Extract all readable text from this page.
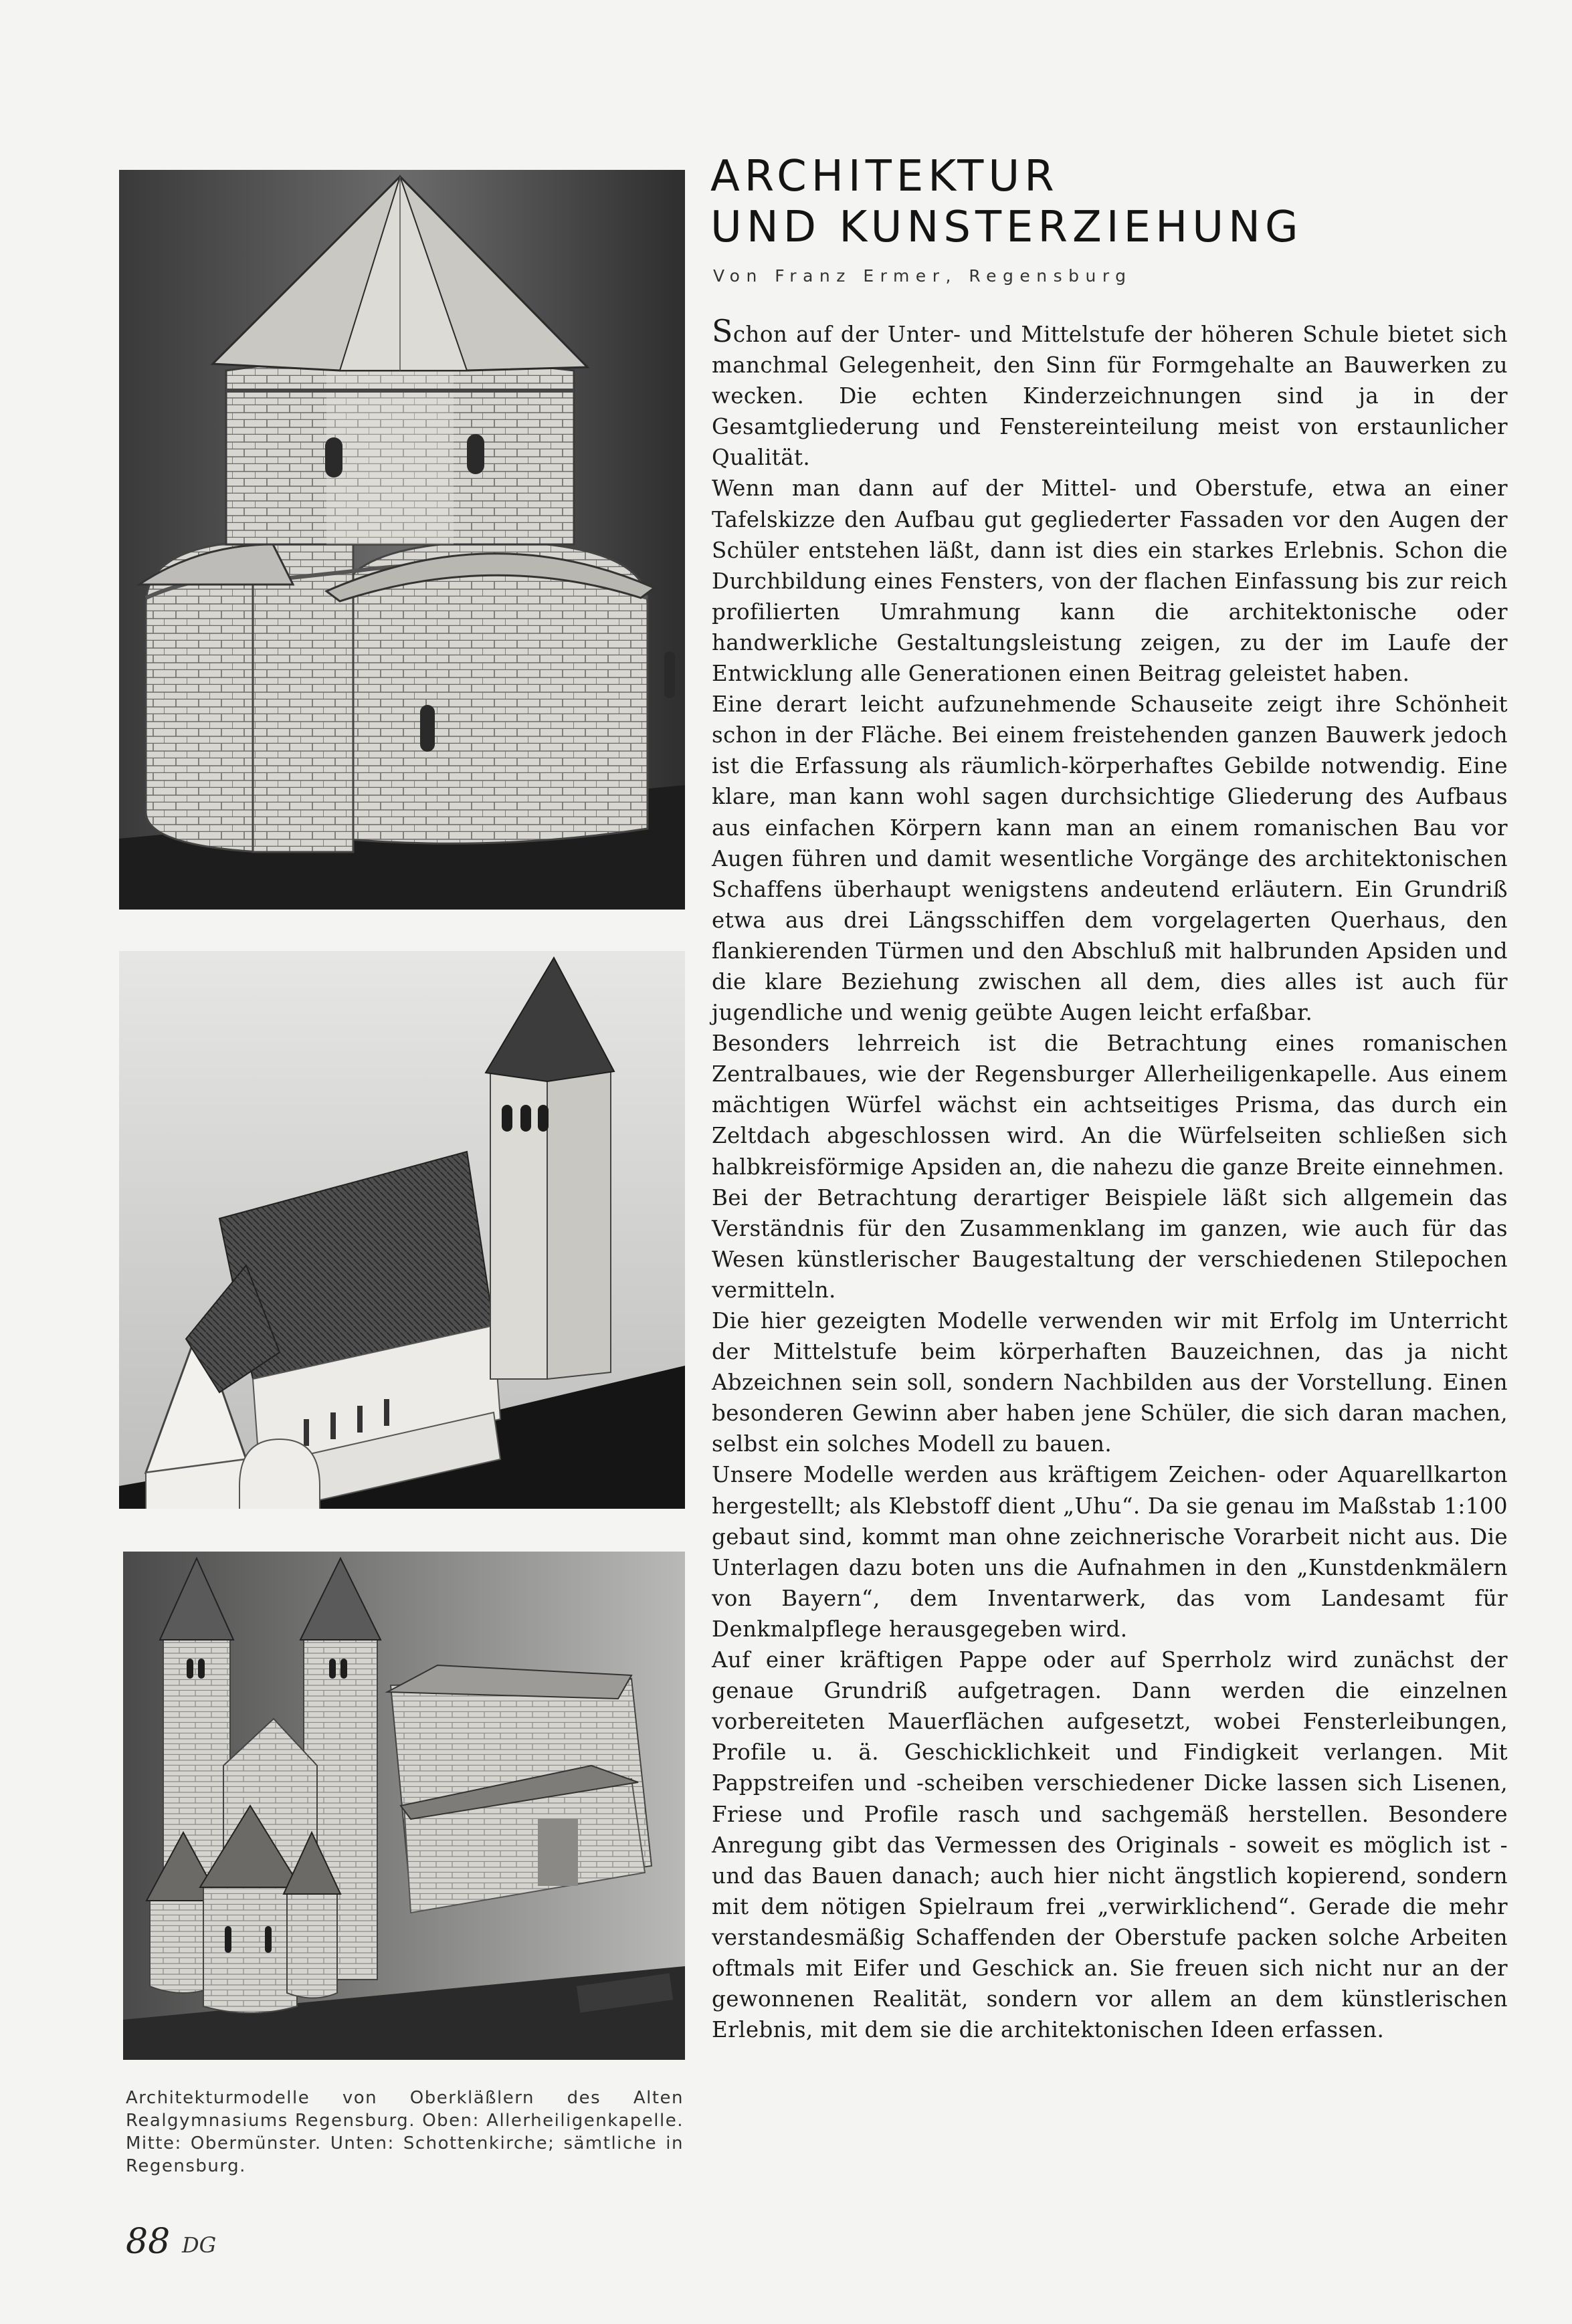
Architekturmodelle von Oberkläßlern des Alten Realgymnasiums Regensburg. Oben: Allerheiligenkapelle. Mitte: Obermünster. Unten: Schottenkirche; sämtliche in Regensburg.
ARCHITEKTUR
UND KUNSTERZIEHUNG
Von Franz Ermer, Regensburg

Schon auf der Unter- und Mittelstufe der höheren Schule bietet sich manchmal Gelegenheit, den Sinn für Formgehalte an Bauwerken zu wecken. Die echten Kinderzeichnungen sind ja in der Gesamtgliederung und Fenstereinteilung meist von erstaunlicher Qualität.

Wenn man dann auf der Mittel- und Oberstufe, etwa an einer Tafelskizze den Aufbau gut gegliederter Fassaden vor den Augen der Schüler entstehen läßt, dann ist dies ein starkes Erlebnis. Schon die Durchbildung eines Fensters, von der flachen Einfassung bis zur reich profilierten Umrahmung kann die architektonische oder handwerkliche Gestaltungsleistung zeigen, zu der im Laufe der Entwicklung alle Generationen einen Beitrag geleistet haben.

Eine derart leicht aufzunehmende Schauseite zeigt ihre Schönheit schon in der Fläche. Bei einem freistehenden ganzen Bauwerk jedoch ist die Erfassung als räumlich-körperhaftes Gebilde notwendig. Eine klare, man kann wohl sagen durchsichtige Gliederung des Aufbaus aus einfachen Körpern kann man an einem romanischen Bau vor Augen führen und damit wesentliche Vorgänge des architektonischen Schaffens überhaupt wenigstens andeutend erläutern. Ein Grundriß etwa aus drei Längsschiffen dem vorgelagerten Querhaus, den flankierenden Türmen und den Abschluß mit halbrunden Apsiden und die klare Beziehung zwischen all dem, dies alles ist auch für jugendliche und wenig geübte Augen leicht erfaßbar.

Besonders lehrreich ist die Betrachtung eines romanischen Zentralbaues, wie der Regensburger Allerheiligenkapelle. Aus einem mächtigen Würfel wächst ein achtseitiges Prisma, das durch ein Zeltdach abgeschlossen wird. An die Würfelseiten schließen sich halbkreisförmige Apsiden an, die nahezu die ganze Breite einnehmen.

Bei der Betrachtung derartiger Beispiele läßt sich allgemein das Verständnis für den Zusammenklang im ganzen, wie auch für das Wesen künstlerischer Baugestaltung der verschiedenen Stilepochen vermitteln.

Die hier gezeigten Modelle verwenden wir mit Erfolg im Unterricht der Mittelstufe beim körperhaften Bauzeichnen, das ja nicht Abzeichnen sein soll, sondern Nachbilden aus der Vorstellung. Einen besonderen Gewinn aber haben jene Schüler, die sich daran machen, selbst ein solches Modell zu bauen.

Unsere Modelle werden aus kräftigem Zeichen- oder Aquarellkarton hergestellt; als Klebstoff dient „Uhu“. Da sie genau im Maßstab 1:100 gebaut sind, kommt man ohne zeichnerische Vorarbeit nicht aus. Die Unterlagen dazu boten uns die Aufnahmen in den „Kunstdenkmälern von Bayern“, dem Inventarwerk, das vom Landesamt für Denkmalpflege herausgegeben wird.

Auf einer kräftigen Pappe oder auf Sperrholz wird zunächst der genaue Grundriß aufgetragen. Dann werden die einzelnen vorbereiteten Mauerflächen aufgesetzt, wobei Fensterleibungen, Profile u. ä. Geschicklichkeit und Findigkeit verlangen. Mit Pappstreifen und -scheiben verschiedener Dicke lassen sich Lisenen, Friese und Profile rasch und sachgemäß herstellen. Besondere Anregung gibt das Vermessen des Originals - soweit es möglich ist - und das Bauen danach; auch hier nicht ängstlich kopierend, sondern mit dem nötigen Spielraum frei „verwirklichend“. Gerade die mehr verstandesmäßig Schaffenden der Oberstufe packen solche Arbeiten oftmals mit Eifer und Geschick an. Sie freuen sich nicht nur an der gewonnenen Realität, sondern vor allem an dem künstlerischen Erlebnis, mit dem sie die architektonischen Ideen erfassen.

88 DG
